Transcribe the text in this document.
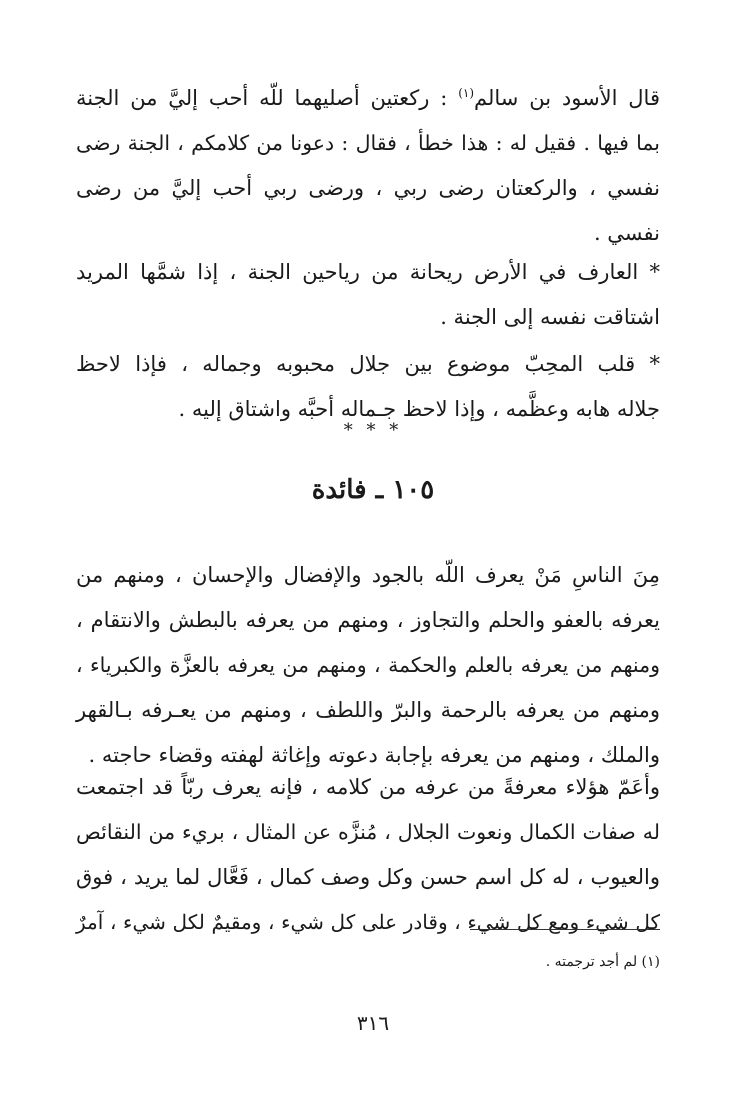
قال الأسود بن سالم$^{(١)}$ : ركعتين أصليهما للّه أحب إليَّ من الجنة
بما فيها . فقيل له : هذا خطأ ، فقال : دعونا من كلامكم ، الجنة رضى
نفسي ، والركعتان رضى ربي ، ورضى ربي أحب إليَّ من رضى
نفسي .

* العارف في الأرض ريحانة من رياحين الجنة ، إذا شمَّها المريد
اشتاقت نفسه إلى الجنة .

* قلب المحِبّ موضوع بين جلال محبوبه وجماله ، فإذا لاحظ
جلاله هابه وعظَّمه ، وإذا لاحظ جـماله أحبَّه واشتاق إليه .

* * *
١٠٥ ـ فائدة

مِنَ الناسِ مَنْ يعرف اللّه بالجود والإفضال والإحسان ، ومنهم من
يعرفه بالعفو والحلم والتجاوز ، ومنهم من يعرفه بالبطش والانتقام ،
ومنهم من يعرفه بالعلم والحكمة ، ومنهم من يعرفه بالعزَّة والكبرياء ،
ومنهم من يعرفه بالرحمة والبرّ واللطف ، ومنهم من يعـرفه بـالقهر
والملك ، ومنهم من يعرفه بإجابة دعوته وإغاثة لهفته وقضاء حاجته .

وأعَمّ هؤلاء معرفةً من عرفه من كلامه ، فإنه يعرف ربّاً قد اجتمعت
له صفات الكمال ونعوت الجلال ، مُنزَّه عن المثال ، بريء من النقائص
والعيوب ، له كل اسم حسن وكل وصف كمال ، فَعَّال لما يريد ، فوق
كل شيء ومع كل شيء ، وقادر على كل شيء ، ومقيمٌ لكل شيء ، آمرٌ

(١) لم أجد ترجمته .
٣١٦
